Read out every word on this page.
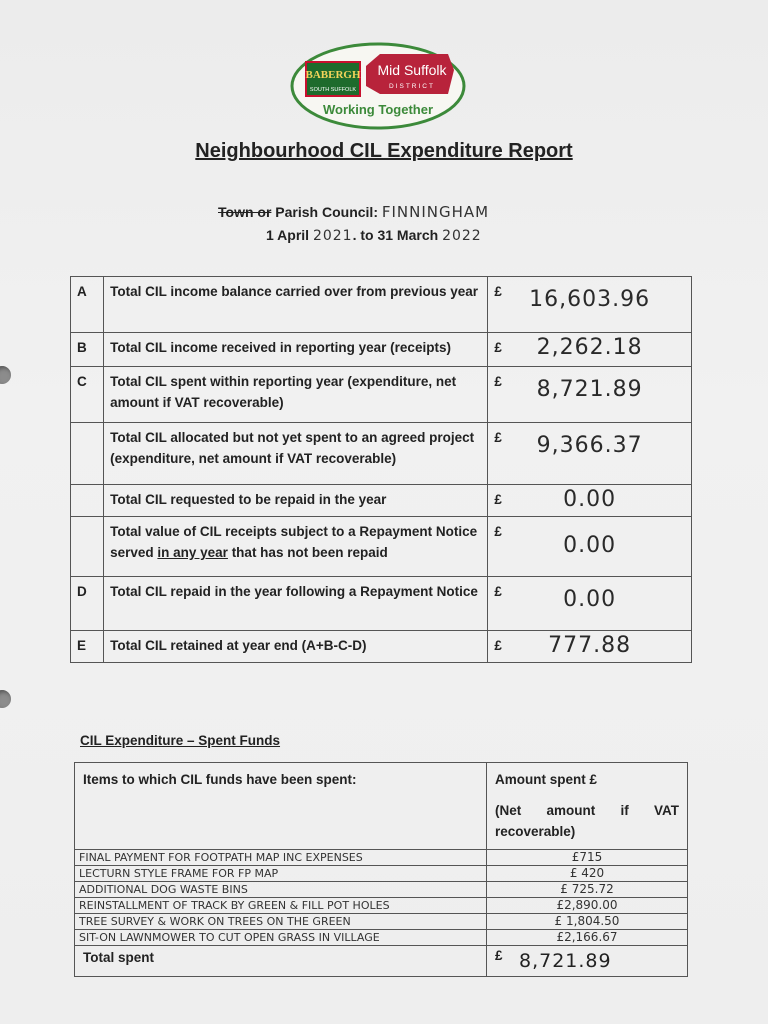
BABERGH
SOUTH SUFFOLK
Mid Suffolk
DISTRICT
Working Together
Neighbourhood CIL Expenditure Report
Town or Parish Council: FINNINGHAM
1 April 2021. to 31 March 2022
A	Total CIL income balance carried over from previous year	£ 16,603.96

B	Total CIL income received in reporting year (receipts)	£ 2,262.18

C	Total CIL spent within reporting year (expenditure, net amount if VAT recoverable)	£ 8,721.89

	Total CIL allocated but not yet spent to an agreed project (expenditure, net amount if VAT recoverable)	£ 9,366.37

	Total CIL requested to be repaid in the year	£ 0.00

	Total value of CIL receipts subject to a Repayment Notice served in any year that has not been repaid	£
0.00

D	Total CIL repaid in the year following a Repayment Notice	£ 0.00

E	Total CIL retained at year end (A+B-C-D)	£ 777.88
CIL Expenditure – Spent Funds
Items to which CIL funds have been spent:	Amount spent £
(Net amount if VAT recoverable)

FINAL PAYMENT FOR FOOTPATH MAP INC EXPENSES	£715
LECTURN STYLE FRAME FOR FP MAP	£ 420
ADDITIONAL DOG WASTE BINS	£ 725.72
REINSTALLMENT OF TRACK BY GREEN & FILL POT HOLES	£2,890.00
TREE SURVEY & WORK ON TREES ON THE GREEN	£ 1,804.50
SIT-ON LAWNMOWER TO CUT OPEN GRASS IN VILLAGE	£2,166.67
Total spent	£ 8,721.89
